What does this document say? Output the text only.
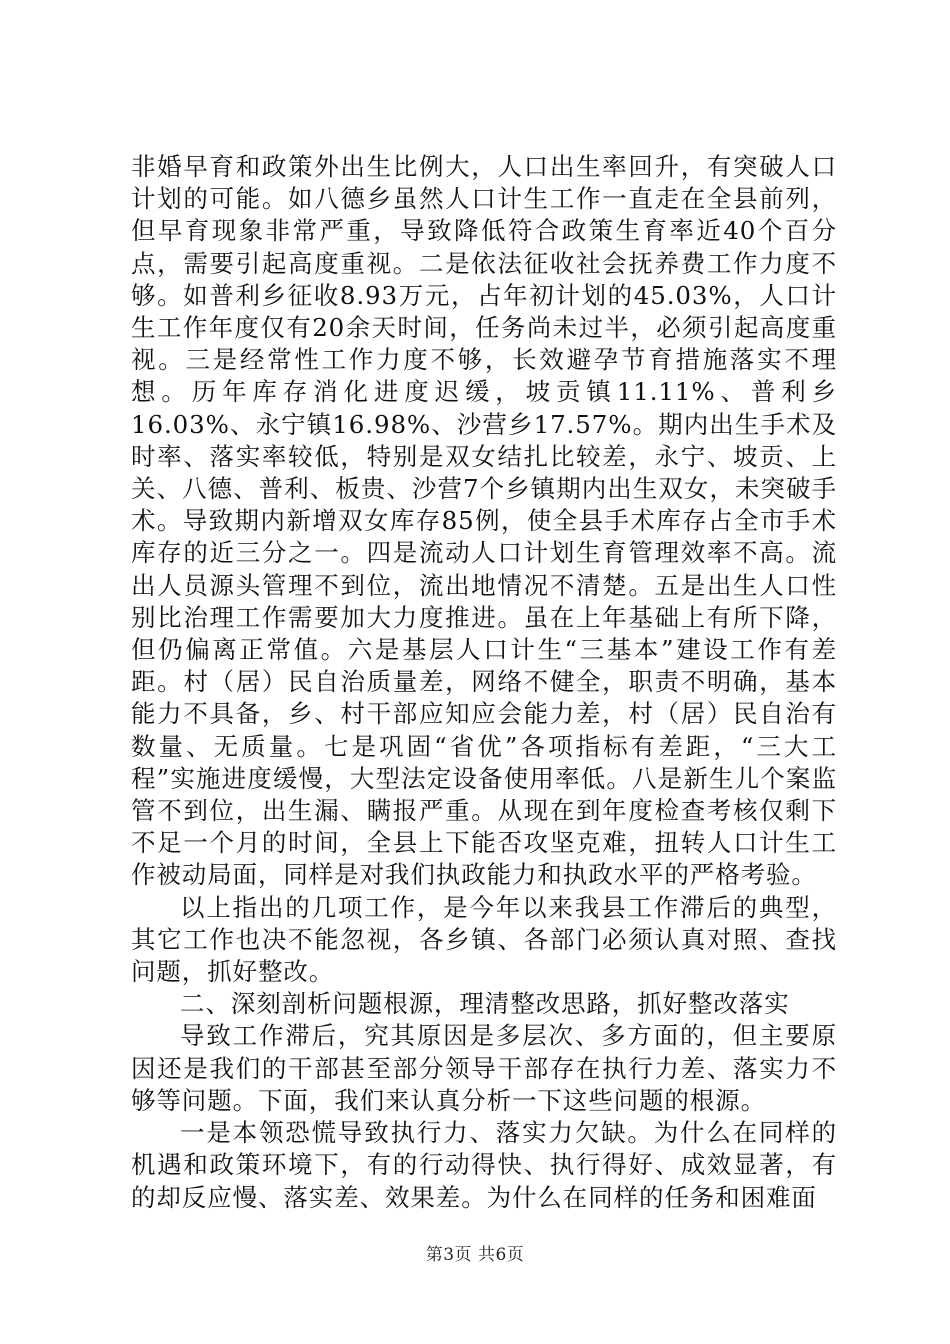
非婚早育和政策外出生比例大，人口出生率回升，有突破人口计划的可能。如八德乡虽然人口计生工作一直走在全县前列，但早育现象非常严重，导致降低符合政策生育率近40个百分点，需要引起高度重视。二是依法征收社会抚养费工作力度不够。如普利乡征收8.93万元，占年初计划的45.03%，人口计生工作年度仅有20余天时间，任务尚未过半，必须引起高度重视。三是经常性工作力度不够，长效避孕节育措施落实不理想。历年库存消化进度迟缓，坡贡镇11.11%、普利乡16.03%、永宁镇16.98%、沙营乡17.57%。期内出生手术及时率、落实率较低，特别是双女结扎比较差，永宁、坡贡、上关、八德、普利、板贵、沙营7个乡镇期内出生双女，未突破手术。导致期内新增双女库存85例，使全县手术库存占全市手术库存的近三分之一。四是流动人口计划生育管理效率不高。流出人员源头管理不到位，流出地情况不清楚。五是出生人口性别比治理工作需要加大力度推进。虽在上年基础上有所下降，但仍偏离正常值。六是基层人口计生“三基本”建设工作有差距。村（居）民自治质量差，网络不健全，职责不明确，基本能力不具备，乡、村干部应知应会能力差，村（居）民自治有数量、无质量。七是巩固“省优”各项指标有差距，“三大工程”实施进度缓慢，大型法定设备使用率低。八是新生儿个案监管不到位，出生漏、瞒报严重。从现在到年度检查考核仅剩下不足一个月的时间，全县上下能否攻坚克难，扭转人口计生工作被动局面，同样是对我们执政能力和执政水平的严格考验。

以上指出的几项工作，是今年以来我县工作滞后的典型，其它工作也决不能忽视，各乡镇、各部门必须认真对照、查找问题，抓好整改。

二、深刻剖析问题根源，理清整改思路，抓好整改落实

导致工作滞后，究其原因是多层次、多方面的，但主要原因还是我们的干部甚至部分领导干部存在执行力差、落实力不够等问题。下面，我们来认真分析一下这些问题的根源。

一是本领恐慌导致执行力、落实力欠缺。为什么在同样的机遇和政策环境下，有的行动得快、执行得好、成效显著，有的却反应慢、落实差、效果差。为什么在同样的任务和困难面

第3页 共6页
